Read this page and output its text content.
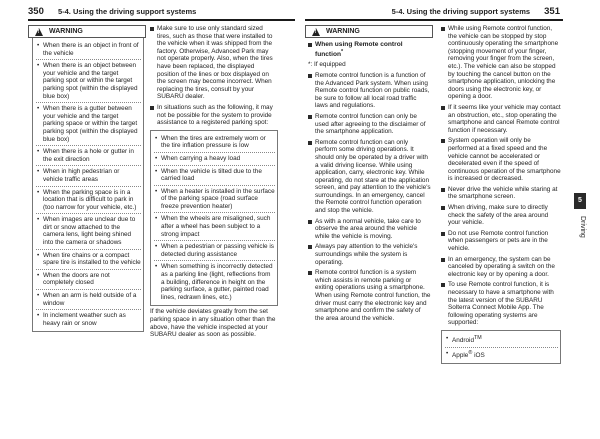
350 5-4. Using the driving support systems	5-4. Using the driving support systems 351
!
WARNING
• When there is an object in front of the vehicle
• When there is an object between your vehicle and the target parking spot or within the target parking spot (within the displayed blue box)
• When there is a gutter between your vehicle and the target parking space or within the target parking spot (within the displayed blue box)
• When there is a hole or gutter in the exit direction
• When in high pedestrian or vehicle traffic areas
• When the parking space is in a location that is difficult to park in (too narrow for your vehicle, etc.)
• When images are unclear due to dirt or snow attached to the camera lens, light being shined into the camera or shadows
• When tire chains or a compact spare tire is installed to the vehicle
• When the doors are not completely closed
• When an arm is held outside of a window
• In inclement weather such as heavy rain or snow
Make sure to use only standard sized tires, such as those that were installed to the vehicle when it was shipped from the factory. Otherwise, Advanced Park may not operate properly. Also, when the tires have been replaced, the displayed position of the lines or box displayed on the screen may become incorrect. When replacing the tires, consult by your SUBARU dealer.
In situations such as the following, it may not be possible for the system to provide assistance to a registered parking spot:
• When the tires are extremely worn or the tire inflation pressure is low
• When carrying a heavy load
• When the vehicle is tilted due to the carried load
• When a heater is installed in the surface of the parking space (road surface freeze prevention heater)
• When the wheels are misaligned, such after a wheel has been subject to a strong impact
• When a pedestrian or passing vehicle is detected during assistance
• When something is incorrectly detected as a parking line (light, reflections from a building, difference in height on the parking surface, a gutter, painted road lines, redrawn lines, etc.)
If the vehicle deviates greatly from the set parking space in any situation other than the above, have the vehicle inspected at your SUBARU dealer as soon as possible.
!
WARNING
When using Remote control function*
*: If equipped
Remote control function is a function of the Advanced Park system. When using Remote control function on public roads, be sure to follow all local road traffic laws and regulations.
Remote control function can only be used after agreeing to the disclaimer of the smartphone application.
Remote control function can only perform some driving operations. It should only be operated by a driver with a valid driving license. While using application, carry, electronic key. While operating, do not stare at the application screen, and pay attention to the vehicle's surroundings. In an emergency, cancel the Remote control function operation and stop the vehicle.
As with a normal vehicle, take care to observe the area around the vehicle while the vehicle is moving.
Always pay attention to the vehicle's surroundings while the system is operating.
Remote control function is a system which assists in remote parking or exiting operations using a smartphone. When using Remote control function, the driver must carry the electronic key and smartphone and confirm the safety of the area around the vehicle.
While using Remote control function, the vehicle can be stopped by stop continuously operating the smartphone (stopping movement of your finger, removing your finger from the screen, etc.). The vehicle can also be stopped by touching the cancel button on the smartphone application, unlocking the doors using the electronic key, or opening a door.
If it seems like your vehicle may contact an obstruction, etc., stop operating the smartphone and cancel Remote control function if necessary.
System operation will only be performed at a fixed speed and the vehicle cannot be accelerated or decelerated even if the speed of continuous operation of the smartphone is increased or decreased.
Never drive the vehicle while staring at the smartphone screen.
When driving, make sure to directly check the safety of the area around your vehicle.
Do not use Remote control function when passengers or pets are in the vehicle.
In an emergency, the system can be canceled by operating a switch on the electronic key or by opening a door.
To use Remote control function, it is necessary to have a smartphone with the latest version of the SUBARU Solterra Connect Mobile App. The following operating systems are supported:
• Android™
• Apple® iOS
5
Driving
